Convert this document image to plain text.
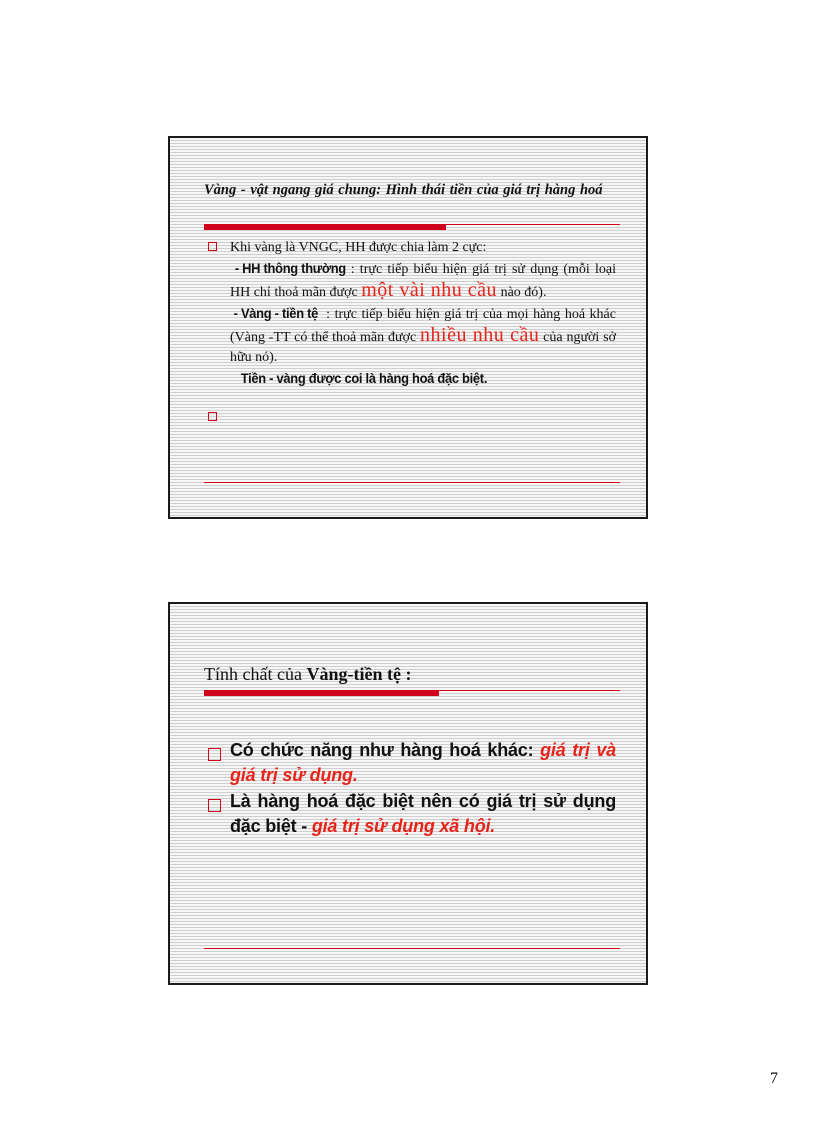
Vàng - vật ngang giá chung: Hình thái tiền của giá trị hàng hoá

Khi vàng là VNGC, HH được chia làm 2 cực:

- HH thông thường : trực tiếp biểu hiện giá trị sử dụng (mỗi loại HH chỉ thoả mãn được một vài nhu cầu nào đó).

- Vàng - tiền tệ : trực tiếp biểu hiện giá trị của mọi hàng hoá khác (Vàng -TT có thể thoả mãn được nhiều nhu cầu của người sở hữu nó).

Tiền - vàng được coi là hàng hoá đặc biệt.

Tính chất của Vàng-tiền tệ :

Có chức năng như hàng hoá khác: giá trị và giá trị sử dụng.

Là hàng hoá đặc biệt nên có giá trị sử dụng đặc biệt - giá trị sử dụng xã hội.

7
